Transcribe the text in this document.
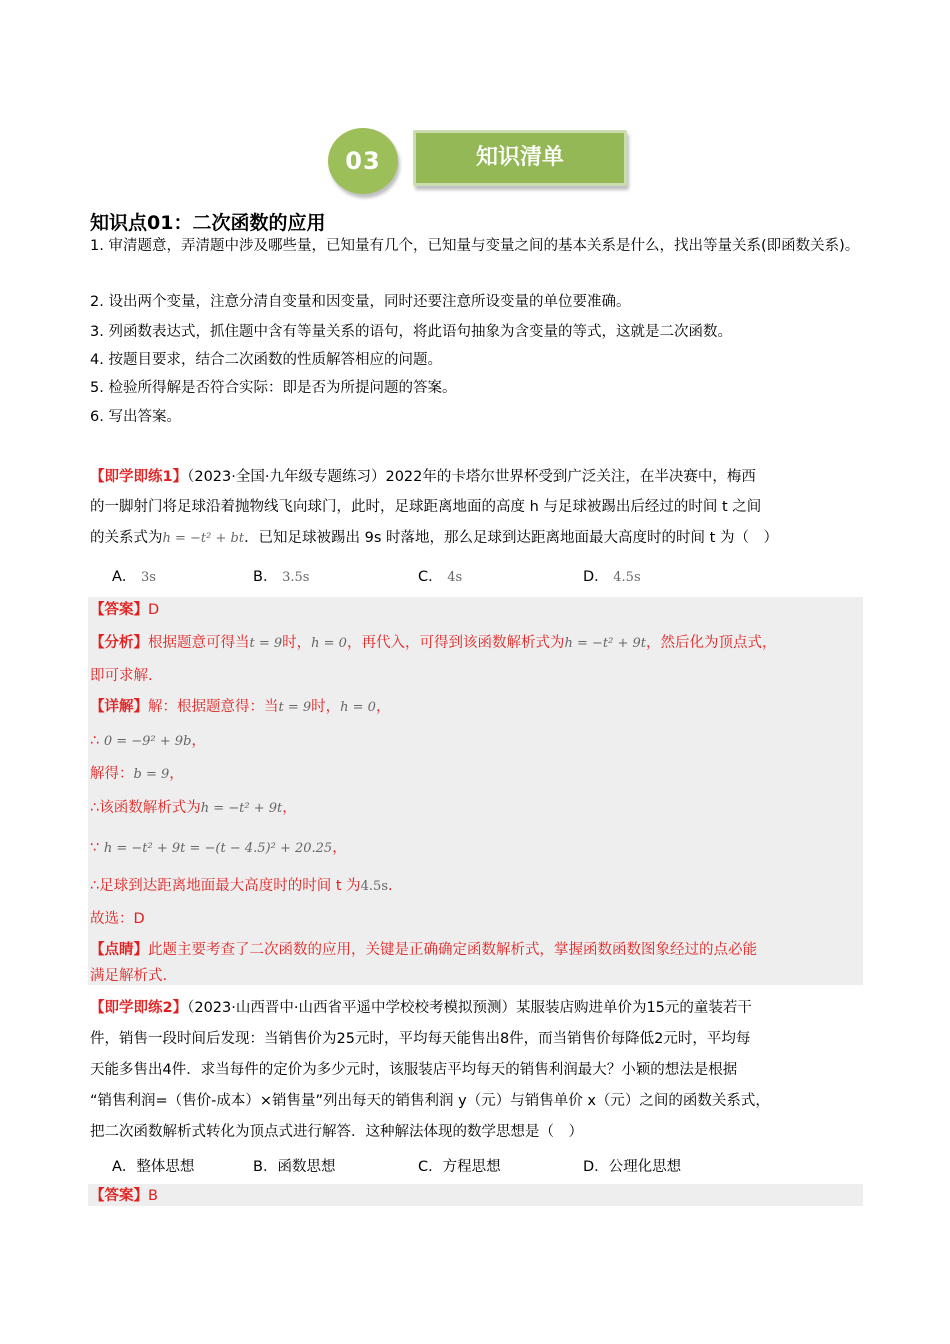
03	知识清单
知识点01：二次函数的应用
1. 审清题意，弄清题中涉及哪些量，已知量有几个，已知量与变量之间的基本关系是什么，找出等量关系(即函数关系)。
2. 设出两个变量，注意分清自变量和因变量，同时还要注意所设变量的单位要准确。
3. 列函数表达式，抓住题中含有等量关系的语句，将此语句抽象为含变量的等式，这就是二次函数。
4. 按题目要求，结合二次函数的性质解答相应的问题。
5. 检验所得解是否符合实际：即是否为所提问题的答案。
6. 写出答案。
【即学即练1】（2023·全国·九年级专题练习）2022年的卡塔尔世界杯受到广泛关注，在半决赛中，梅西
的一脚射门将足球沿着抛物线飞向球门，此时，足球距离地面的高度 h 与足球被踢出后经过的时间 t 之间
的关系式为h = −t² + bt．已知足球被踢出 9s 时落地，那么足球到达距离地面最大高度时的时间 t 为（　）
A． 3s	B． 3.5s	C． 4s	D． 4.5s
【答案】D
【分析】根据题意可得当t = 9时，h = 0，再代入，可得到该函数解析式为h = −t² + 9t，然后化为顶点式，
即可求解.
【详解】解：根据题意得：当t = 9时，h = 0，
∴ 0 = −9² + 9b，
解得：b = 9，
∴该函数解析式为h = −t² + 9t，
∵ h = −t² + 9t = −(t − 4.5)² + 20.25，
∴足球到达距离地面最大高度时的时间 t 为4.5s.
故选：D
【点睛】此题主要考查了二次函数的应用，关键是正确确定函数解析式，掌握函数函数图象经过的点必能
满足解析式.
【即学即练2】（2023·山西晋中·山西省平遥中学校校考模拟预测）某服装店购进单价为15元的童装若干
件，销售一段时间后发现：当销售价为25元时，平均每天能售出8件，而当销售价每降低2元时，平均每
天能多售出4件．求当每件的定价为多少元时，该服装店平均每天的销售利润最大？小颖的想法是根据
“销售利润=（售价-成本）×销售量”列出每天的销售利润 y（元）与销售单价 x（元）之间的函数关系式，
把二次函数解析式转化为顶点式进行解答．这种解法体现的数学思想是（　）
A．整体思想	B．函数思想	C．方程思想	D．公理化思想
【答案】B
